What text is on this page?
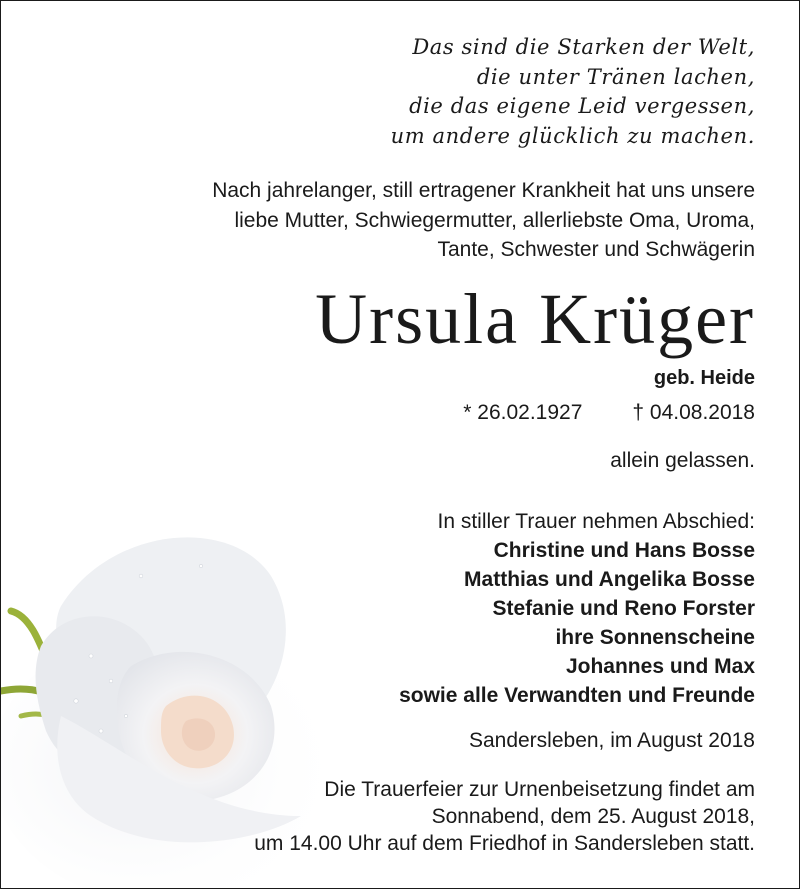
Das sind die Starken der Welt,
die unter Tränen lachen,
die das eigene Leid vergessen,
um andere glücklich zu machen.
Nach jahrelanger, still ertragener Krankheit hat uns unsere
liebe Mutter, Schwiegermutter, allerliebste Oma, Uroma,
Tante, Schwester und Schwägerin
Ursula Krüger
geb. Heide
* 26.02.1927 † 04.08.2018
allein gelassen.
In stiller Trauer nehmen Abschied:
Christine und Hans Bosse
Matthias und Angelika Bosse
Stefanie und Reno Forster
ihre Sonnenscheine
Johannes und Max
sowie alle Verwandten und Freunde
Sandersleben, im August 2018
Die Trauerfeier zur Urnenbeisetzung findet am
Sonnabend, dem 25. August 2018,
um 14.00 Uhr auf dem Friedhof in Sandersleben statt.
